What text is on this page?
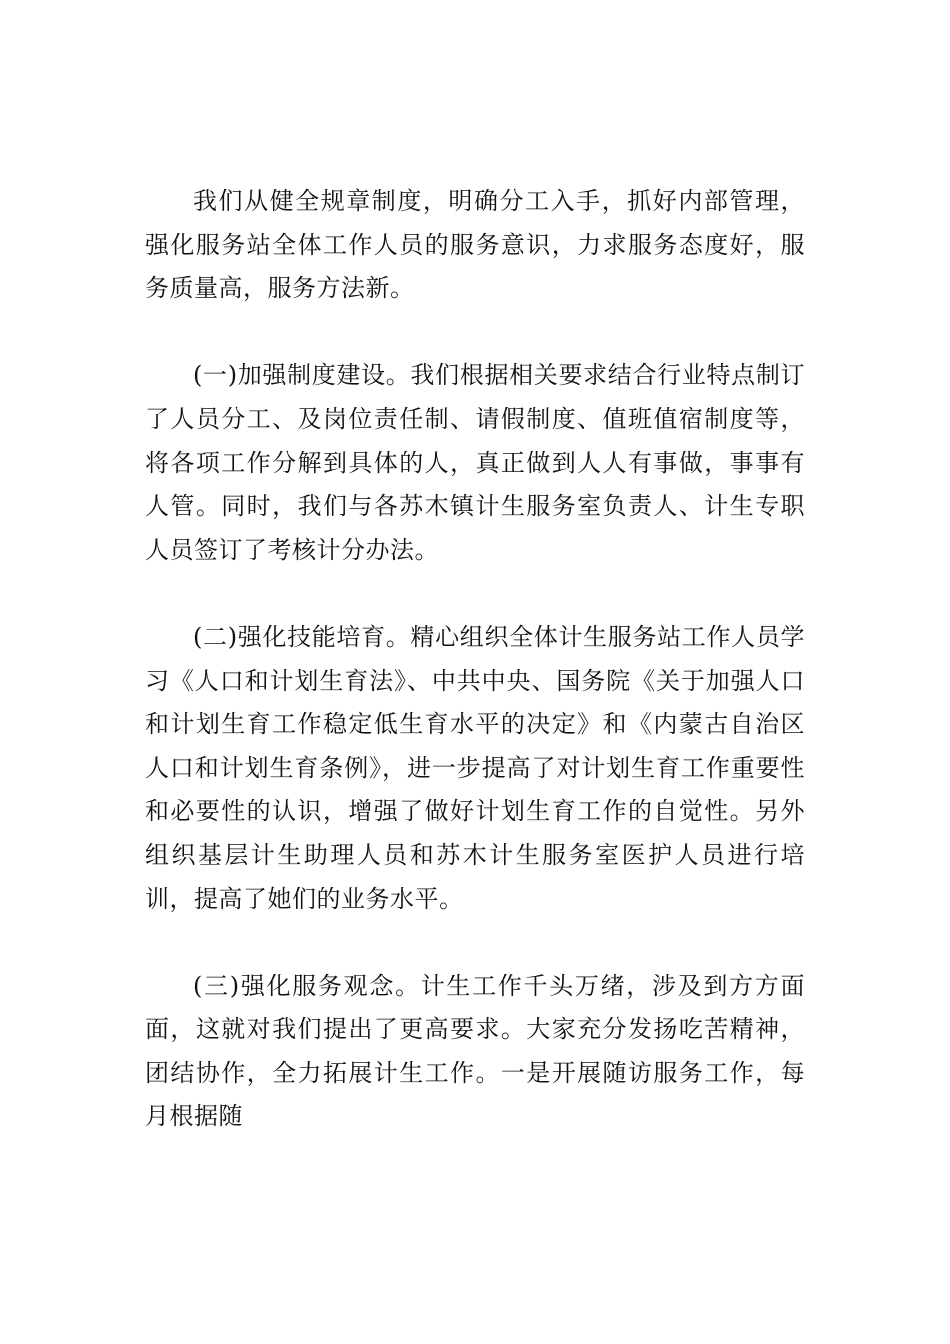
我们从健全规章制度，明确分工入手，抓好内部管理，强化服务站全体工作人员的服务意识，力求服务态度好，服务质量高，服务方法新。

(一)加强制度建设。我们根据相关要求结合行业特点制订了人员分工、及岗位责任制、请假制度、值班值宿制度等，将各项工作分解到具体的人，真正做到人人有事做，事事有人管。同时，我们与各苏木镇计生服务室负责人、计生专职人员签订了考核计分办法。

(二)强化技能培育。精心组织全体计生服务站工作人员学习《人口和计划生育法》、中共中央、国务院《关于加强人口和计划生育工作稳定低生育水平的决定》和《内蒙古自治区人口和计划生育条例》，进一步提高了对计划生育工作重要性和必要性的认识，增强了做好计划生育工作的自觉性。另外组织基层计生助理人员和苏木计生服务室医护人员进行培训，提高了她们的业务水平。

(三)强化服务观念。计生工作千头万绪，涉及到方方面面，这就对我们提出了更高要求。大家充分发扬吃苦精神，团结协作，全力拓展计生工作。一是开展随访服务工作，每月根据随
